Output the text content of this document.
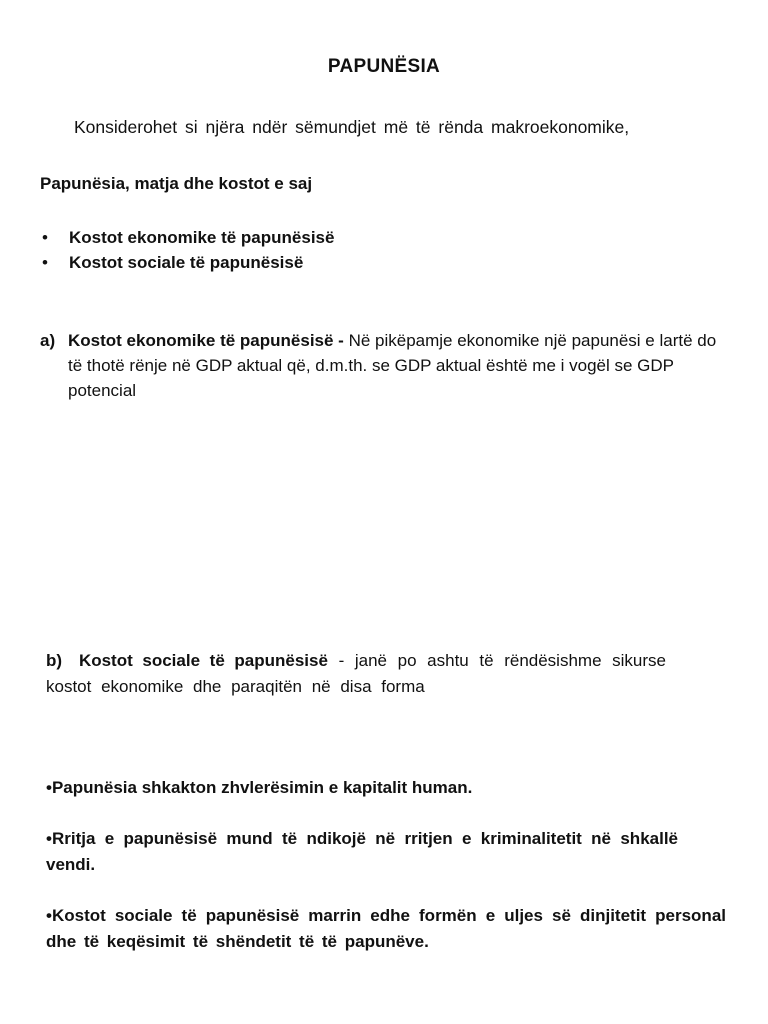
PAPUNËSIA
Konsiderohet si njëra ndër sëmundjet më të rënda makroekonomike,
Papunësia, matja dhe kostot e saj
• Kostot ekonomike të papunësisë
• Kostot sociale të papunësisë
a) Kostot ekonomike të papunësisë - Në pikëpamje ekonomike një papunësi e lartë do të thotë rënje në GDP aktual që, d.m.th. se GDP aktual është me i vogël se GDP potencial
b) Kostot sociale të papunësisë - janë po ashtu të rëndësishme sikurse kostot ekonomike dhe paraqitën në disa forma
•Papunësia shkakton zhvlerësimin e kapitalit human.
•Rritja e papunësisë mund të ndikojë në rritjen e kriminalitetit në shkallë vendi.
•Kostot sociale të papunësisë marrin edhe formën e uljes së dinjitetit personal dhe të keqësimit të shëndetit të të papunëve.
